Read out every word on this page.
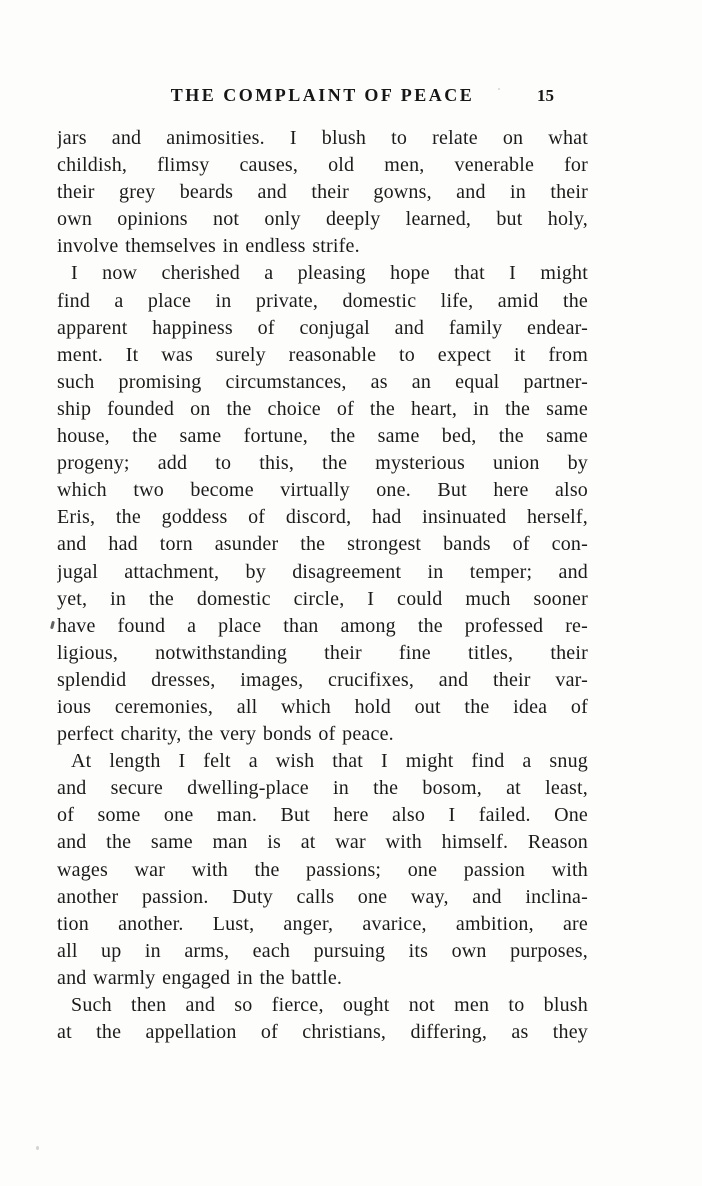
THE COMPLAINT OF PEACE	15
jars and animosities. I blush to relate on what
childish, flimsy causes, old men, venerable for
their grey beards and their gowns, and in their
own opinions not only deeply learned, but holy,
involve themselves in endless strife.
I now cherished a pleasing hope that I might
find a place in private, domestic life, amid the
apparent happiness of conjugal and family endear-
ment. It was surely reasonable to expect it from
such promising circumstances, as an equal partner-
ship founded on the choice of the heart, in the same
house, the same fortune, the same bed, the same
progeny; add to this, the mysterious union by
which two become virtually one. But here also
Eris, the goddess of discord, had insinuated herself,
and had torn asunder the strongest bands of con-
jugal attachment, by disagreement in temper; and
yet, in the domestic circle, I could much sooner
have found a place than among the professed re-
ligious, notwithstanding their fine titles, their
splendid dresses, images, crucifixes, and their var-
ious ceremonies, all which hold out the idea of
perfect charity, the very bonds of peace.
At length I felt a wish that I might find a snug
and secure dwelling-place in the bosom, at least,
of some one man. But here also I failed. One
and the same man is at war with himself. Reason
wages war with the passions; one passion with
another passion. Duty calls one way, and inclina-
tion another. Lust, anger, avarice, ambition, are
all up in arms, each pursuing its own purposes,
and warmly engaged in the battle.
Such then and so fierce, ought not men to blush
at the appellation of christians, differing, as they
